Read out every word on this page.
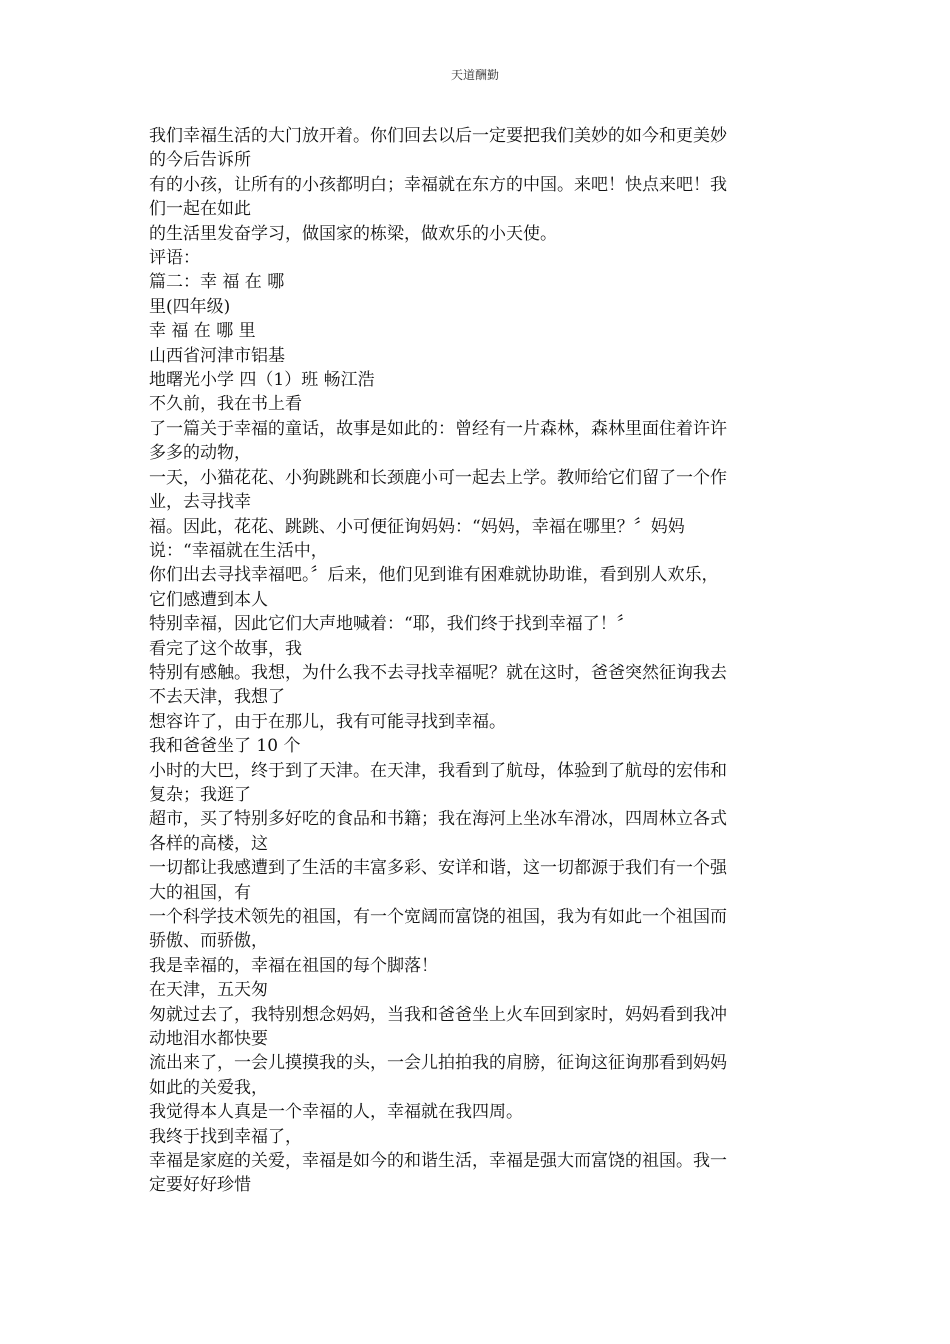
天道酬勤
我们幸福生活的大门放开着。你们回去以后一定要把我们美妙的如今和更美妙
的今后告诉所
有的小孩，让所有的小孩都明白；幸福就在东方的中国。来吧！快点来吧！我
们一起在如此
的生活里发奋学习，做国家的栋梁，做欢乐的小天使。
评语：
篇二：幸 福 在 哪
里(四年级)
幸 福 在 哪 里
山西省河津市铝基
地曙光小学 四（1）班 畅江浩
不久前，我在书上看
了一篇关于幸福的童话，故事是如此的：曾经有一片森林，森林里面住着许许
多多的动物，
一天，小猫花花、小狗跳跳和长颈鹿小可一起去上学。教师给它们留了一个作
业，去寻找幸
福。因此，花花、跳跳、小可便征询妈妈：“妈妈，幸福在哪里？〞妈妈
说：“幸福就在生活中，
你们出去寻找幸福吧。〞后来，他们见到谁有困难就协助谁，看到别人欢乐，
它们感遭到本人
特别幸福，因此它们大声地喊着：“耶，我们终于找到幸福了！〞
看完了这个故事，我
特别有感触。我想，为什么我不去寻找幸福呢？就在这时，爸爸突然征询我去
不去天津，我想了
想容许了，由于在那儿，我有可能寻找到幸福。
我和爸爸坐了 10 个
小时的大巴，终于到了天津。在天津，我看到了航母，体验到了航母的宏伟和
复杂；我逛了
超市，买了特别多好吃的食品和书籍；我在海河上坐冰车滑冰，四周林立各式
各样的高楼，这
一切都让我感遭到了生活的丰富多彩、安详和谐，这一切都源于我们有一个强
大的祖国，有
一个科学技术领先的祖国，有一个宽阔而富饶的祖国，我为有如此一个祖国而
骄傲、而骄傲，
我是幸福的，幸福在祖国的每个脚落！
在天津，五天匆
匆就过去了，我特别想念妈妈，当我和爸爸坐上火车回到家时，妈妈看到我冲
动地泪水都快要
流出来了，一会儿摸摸我的头，一会儿拍拍我的肩膀，征询这征询那看到妈妈
如此的关爱我，
我觉得本人真是一个幸福的人，幸福就在我四周。
我终于找到幸福了，
幸福是家庭的关爱，幸福是如今的和谐生活，幸福是强大而富饶的祖国。我一
定要好好珍惜
